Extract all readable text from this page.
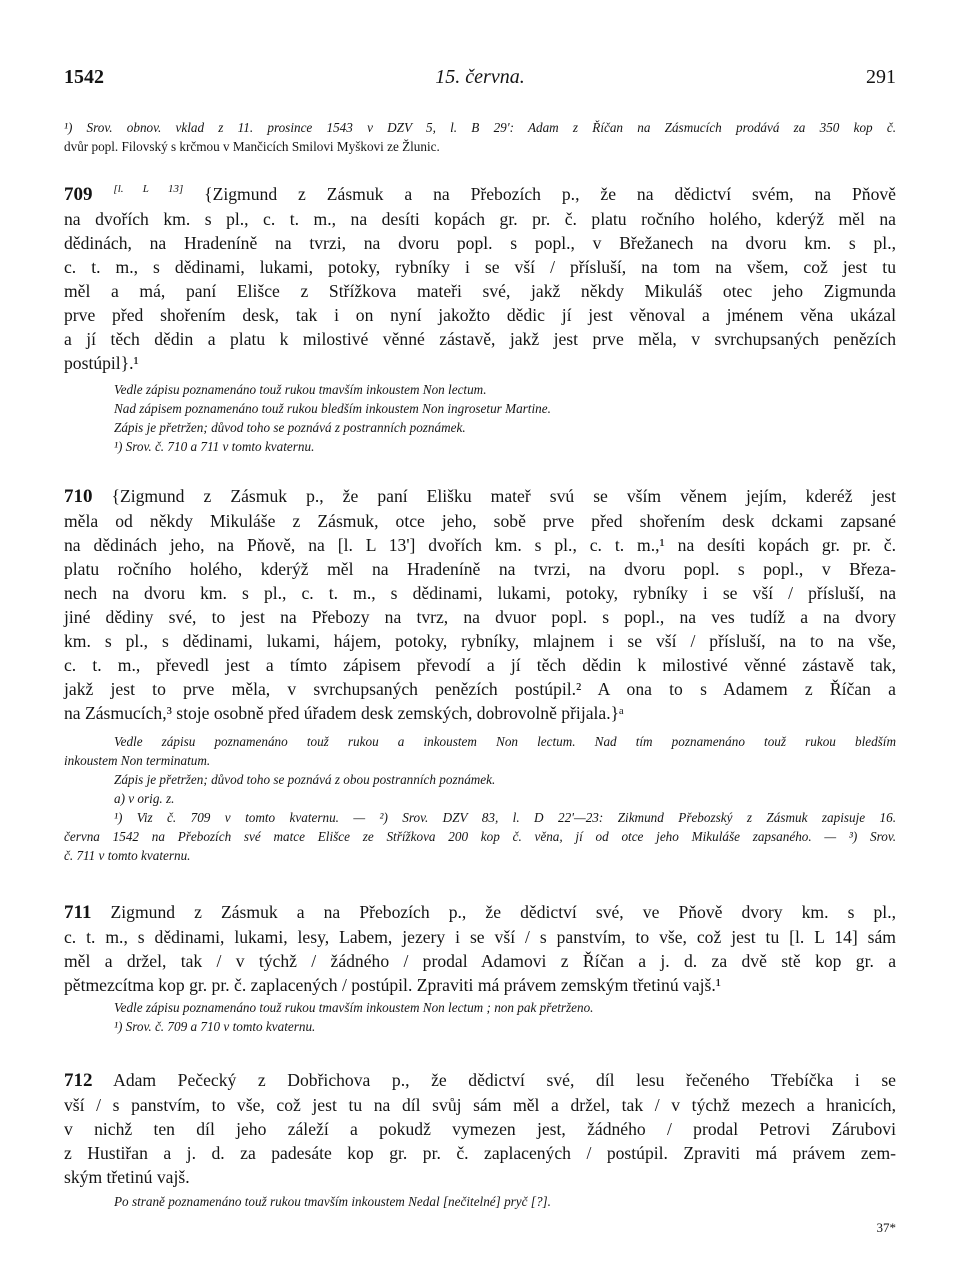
1542	15. června.	291
¹) Srov. obnov. vklad z 11. prosince 1543 v DZV 5, l. B 29': Adam z Říčan na Zásmucích prodává za 350 kop č.
dvůr popl. Filovský s krčmou v Mančicích Smilovi Myškovi ze Žlunic.
709 [l. L 13] {Zigmund z Zásmuk a na Přebozích p., že na dědictví svém, na Pňově
na dvořích km. s pl., c. t. m., na desíti kopách gr. pr. č. platu ročního holého, kderýž měl na
dědinách, na Hradeníně na tvrzi, na dvoru popl. s popl., v Břežanech na dvoru km. s pl.,
c. t. m., s dědinami, lukami, potoky, rybníky i se vší / přísluší, na tom na všem, což jest tu
měl a má, paní Elišce z Střížkova mateři své, jakž někdy Mikuláš otec jeho Zigmunda
prve před shořením desk, tak i on nyní jakožto dědic jí jest věnoval a jménem věna ukázal
a jí těch dědin a platu k milostivé věnné zástavě, jakž jest prve měla, v svrchupsaných penězích
postúpil}.¹
Vedle zápisu poznamenáno touž rukou tmavším inkoustem Non lectum.
Nad zápisem poznamenáno touž rukou bledším inkoustem Non ingrosetur Martine.
Zápis je přetržen; důvod toho se poznává z postranních poznámek.
¹) Srov. č. 710 a 711 v tomto kvaternu.
710 {Zigmund z Zásmuk p., že paní Elišku mateř svú se vším věnem jejím, kderéž jest
měla od někdy Mikuláše z Zásmuk, otce jeho, sobě prve před shořením desk dckami zapsané
na dědinách jeho, na Pňově, na [l. L 13'] dvořích km. s pl., c. t. m.,¹ na desíti kopách gr. pr. č.
platu ročního holého, kderýž měl na Hradeníně na tvrzi, na dvoru popl. s popl., v Březa-
nech na dvoru km. s pl., c. t. m., s dědinami, lukami, potoky, rybníky i se vší / přísluší, na
jiné dědiny své, to jest na Přebozy na tvrz, na dvuor popl. s popl., na ves tudíž a na dvory
km. s pl., s dědinami, lukami, hájem, potoky, rybníky, mlajnem i se vší / přísluší, na to na vše,
c. t. m., převedl jest a tímto zápisem převodí a jí těch dědin k milostivé věnné zástavě tak,
jakž jest to prve měla, v svrchupsaných penězích postúpil.² A ona to s Adamem z Říčan a
na Zásmucích,³ stoje osobně před úřadem desk zemských, dobrovolně přijala.}ᵃ
Vedle zápisu poznamenáno touž rukou a inkoustem Non lectum. Nad tím poznamenáno touž rukou bledším
inkoustem Non terminatum.
Zápis je přetržen; důvod toho se poznává z obou postranních poznámek.
a) v orig. z.
¹) Viz č. 709 v tomto kvaternu. — ²) Srov. DZV 83, l. D 22'—23: Zikmund Přebozský z Zásmuk zapisuje 16.
června 1542 na Přebozích své matce Elišce ze Střížkova 200 kop č. věna, jí od otce jeho Mikuláše zapsaného. — ³) Srov.
č. 711 v tomto kvaternu.
711 Zigmund z Zásmuk a na Přebozích p., že dědictví své, ve Pňově dvory km. s pl.,
c. t. m., s dědinami, lukami, lesy, Labem, jezery i se vší / s panstvím, to vše, což jest tu [l. L 14] sám
měl a držel, tak / v týchž / žádného / prodal Adamovi z Říčan a j. d. za dvě stě kop gr. a
pětmezcítma kop gr. pr. č. zaplacených / postúpil. Zpraviti má právem zemským třetinú vajš.¹
Vedle zápisu poznamenáno touž rukou tmavším inkoustem Non lectum ; non pak přetrženo.
¹) Srov. č. 709 a 710 v tomto kvaternu.
712 Adam Pečecký z Dobřichova p., že dědictví své, díl lesu řečeného Třebíčka i se
vší / s panstvím, to vše, což jest tu na díl svůj sám měl a držel, tak / v týchž mezech a hranicích,
v nichž ten díl jeho záleží a pokudž vymezen jest, žádného / prodal Petrovi Zárubovi
z Hustiřan a j. d. za padesáte kop gr. pr. č. zaplacených / postúpil. Zpraviti má právem zem-
ským třetinú vajš.
Po straně poznamenáno touž rukou tmavším inkoustem Nedal [nečitelné] pryč [?].
37*
